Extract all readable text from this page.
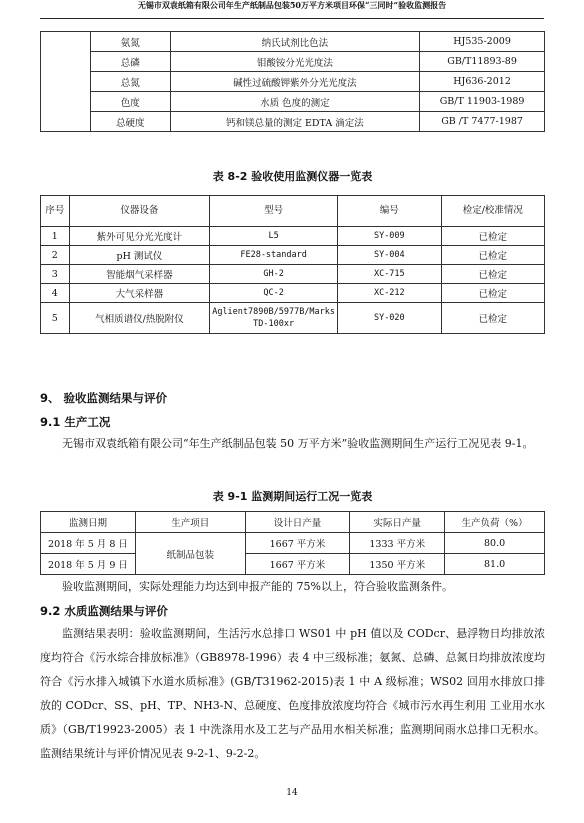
无锡市双袁纸箱有限公司年生产纸制品包装50万平方米项目环保“三同时”验收监测报告
	氨氮	纳氏试剂比色法	HJ535-2009
	总磷	钼酸铵分光光度法	GB/T11893-89
	总氮	碱性过硫酸钾紫外分光光度法	HJ636-2012
	色度	水质 色度的测定	GB/T 11903-1989
	总硬度	钙和镁总量的测定 EDTA 滴定法	GB /T 7477-1987
表 8-2 验收使用监测仪器一览表
序号	仪器设备	型号	编号	检定/校准情况
1	紫外可见分光光度计	L5	SY-009	已检定
2	pH 测试仪	FE28-standard	SY-004	已检定
3	智能烟气采样器	GH-2	XC-715	已检定
4	大气采样器	QC-2	XC-212	已检定
5	气相质谱仪/热脱附仪	Aglient7890B/5977B/Marks TD-100xr	SY-020	已检定
9、 验收监测结果与评价
9.1 生产工况

无锡市双袁纸箱有限公司“年生产纸制品包装 50 万平方米”验收监测期间生产运行工况见表 9-1。

表 9-1 监测期间运行工况一览表
监测日期	生产项目	设计日产量	实际日产量	生产负荷（%）
2018 年 5 月 8 日	纸制品包装	1667 平方米	1333 平方米	80.0
2018 年 5 月 9 日		1667 平方米	1350 平方米	81.0

验收监测期间，实际处理能力均达到申报产能的 75%以上，符合验收监测条件。

9.2 水质监测结果与评价

监测结果表明：验收监测期间，生活污水总排口 WS01 中 pH 值以及 CODcr、悬浮物日均排放浓度均符合《污水综合排放标准》（GB8978-1996）表 4 中三级标准；氨氮、总磷、总氮日均排放浓度均符合《污水排入城镇下水道水质标准》(GB/T31962-2015)表 1 中 A 级标准；WS02 回用水排放口排放的 CODcr、SS、pH、TP、NH3-N、总硬度、色度排放浓度均符合《城市污水再生利用 工业用水水质》（GB/T19923-2005）表 1 中洗涤用水及工艺与产品用水相关标准；监测期间雨水总排口无积水。监测结果统计与评价情况见表 9-2-1、9-2-2。

14
